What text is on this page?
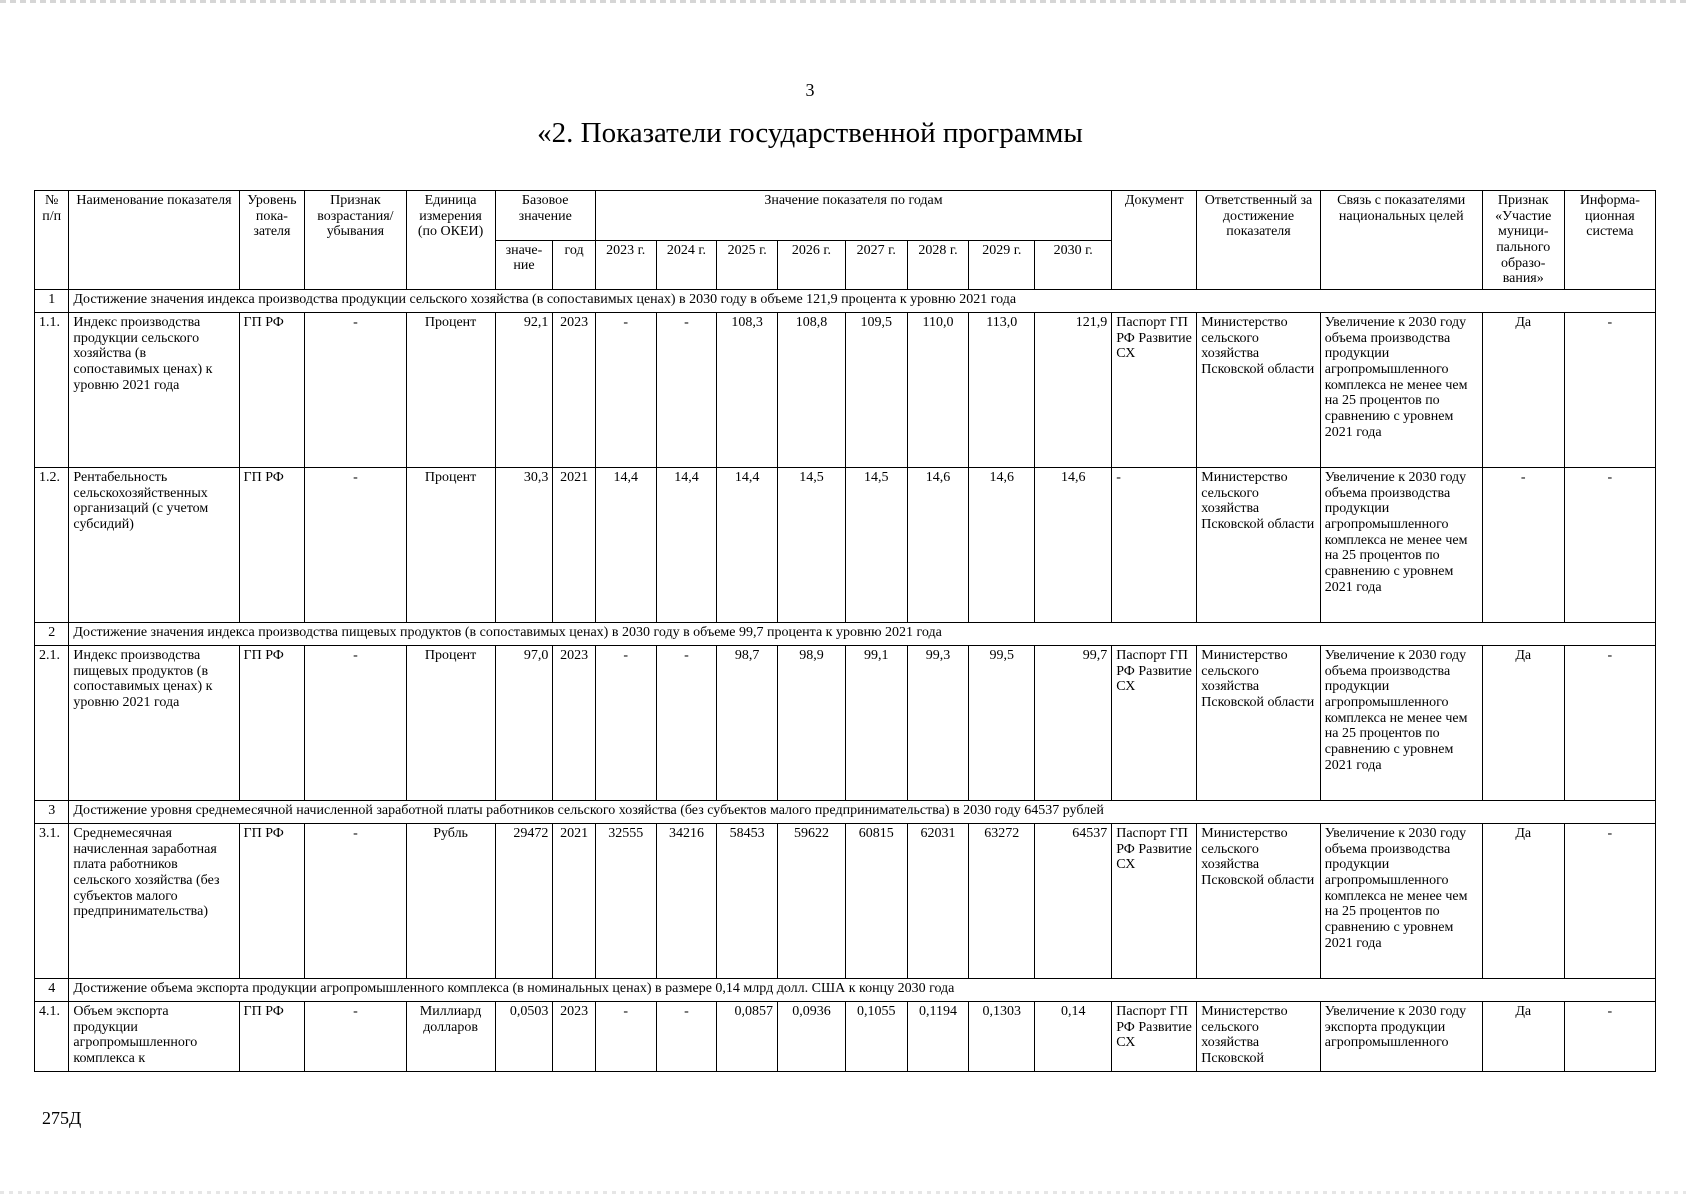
3
«2. Показатели государственной программы
№ п/п	Наименование показателя	Уровень пока- зателя	Признак возрастания/ убывания	Единица измерения (по ОКЕИ)	Базовое значение		Значение показателя по годам								Документ	Ответственный за достижение показателя	Связь с показателями национальных целей	Признак «Участие муници- пального образо- вания»	Информа- ционная система
					значе- ние	год	2023 г.	2024 г.	2025 г.	2026 г.	2027 г.	2028 г.	2029 г.	2030 г.					
1	Достижение значения индекса производства продукции сельского хозяйства (в сопоставимых ценах) в 2030 году в объеме 121,9 процента к уровню 2021 года																		
1.1.	Индекс производства продукции сельского хозяйства (в сопоставимых ценах) к уровню 2021 года	ГП РФ	-	Процент	92,1	2023	-	-	108,3	108,8	109,5	110,0	113,0	121,9	Паспорт ГП РФ Развитие СХ	Министерство сельского хозяйства Псковской области	Увеличение к 2030 году объема производства продукции агропромышленного комплекса не менее чем на 25 процентов по сравнению с уровнем 2021 года	Да	-
1.2.	Рентабельность сельскохозяйственных организаций (с учетом субсидий)	ГП РФ	-	Процент	30,3	2021	14,4	14,4	14,4	14,5	14,5	14,6	14,6	14,6	-	Министерство сельского хозяйства Псковской области	Увеличение к 2030 году объема производства продукции агропромышленного комплекса не менее чем на 25 процентов по сравнению с уровнем 2021 года	-	-
2	Достижение значения индекса производства пищевых продуктов (в сопоставимых ценах) в 2030 году в объеме 99,7 процента к уровню 2021 года																		
2.1.	Индекс производства пищевых продуктов (в сопоставимых ценах) к уровню 2021 года	ГП РФ	-	Процент	97,0	2023	-	-	98,7	98,9	99,1	99,3	99,5	99,7	Паспорт ГП РФ Развитие СХ	Министерство сельского хозяйства Псковской области	Увеличение к 2030 году объема производства продукции агропромышленного комплекса не менее чем на 25 процентов по сравнению с уровнем 2021 года	Да	-
3	Достижение уровня среднемесячной начисленной заработной платы работников сельского хозяйства (без субъектов малого предпринимательства) в 2030 году 64537 рублей																		
3.1.	Среднемесячная начисленная заработная плата работников сельского хозяйства (без субъектов малого предпринимательства)	ГП РФ	-	Рубль	29472	2021	32555	34216	58453	59622	60815	62031	63272	64537	Паспорт ГП РФ Развитие СХ	Министерство сельского хозяйства Псковской области	Увеличение к 2030 году объема производства продукции агропромышленного комплекса не менее чем на 25 процентов по сравнению с уровнем 2021 года	Да	-
4	Достижение объема экспорта продукции агропромышленного комплекса (в номинальных ценах) в размере 0,14 млрд долл. США к концу 2030 года																		
4.1.	Объем экспорта продукции агропромышленного комплекса к	ГП РФ	-	Миллиард долларов	0,0503	2023	-	-	0,0857	0,0936	0,1055	0,1194	0,1303	0,14	Паспорт ГП РФ Развитие СХ	Министерство сельского хозяйства Псковской	Увеличение к 2030 году экспорта продукции агропромышленного	Да	-
275Д
